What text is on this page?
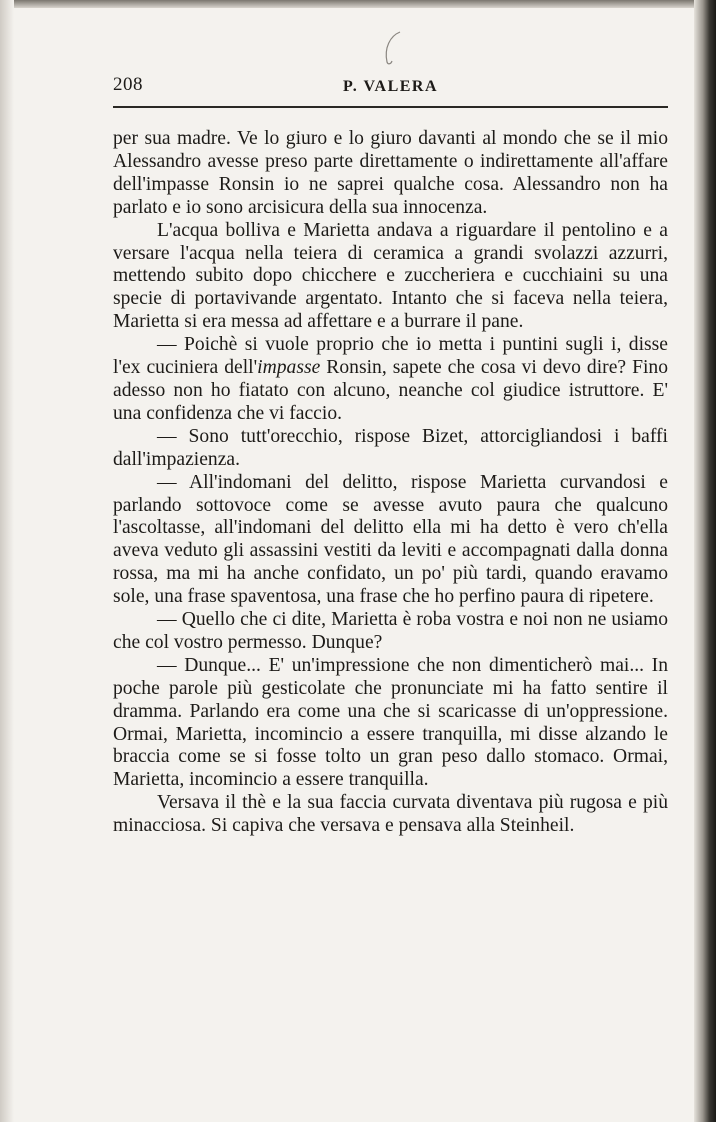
208	P. VALERA

per sua madre. Ve lo giuro e lo giuro davanti al mondo che se il mio Alessandro avesse preso parte direttamente o indirettamente all'affare dell'impasse Ronsin io ne saprei qualche cosa. Alessandro non ha parlato e io sono arcisicura della sua innocenza.

L'acqua bolliva e Marietta andava a riguardare il pentolino e a versare l'acqua nella teiera di ceramica a grandi svolazzi azzurri, mettendo subito dopo chicchere e zuccheriera e cucchiaini su una specie di portavivande argentato. Intanto che si faceva nella teiera, Marietta si era messa ad affettare e a burrare il pane.

— Poichè si vuole proprio che io metta i puntini sugli i, disse l'ex cuciniera dell'impasse Ronsin, sapete che cosa vi devo dire? Fino adesso non ho fiatato con alcuno, neanche col giudice istruttore. E' una confidenza che vi faccio.

— Sono tutt'orecchio, rispose Bizet, attorcigliandosi i baffi dall'impazienza.

— All'indomani del delitto, rispose Marietta curvandosi e parlando sottovoce come se avesse avuto paura che qualcuno l'ascoltasse, all'indomani del delitto ella mi ha detto è vero ch'ella aveva veduto gli assassini vestiti da leviti e accompagnati dalla donna rossa, ma mi ha anche confidato, un po' più tardi, quando eravamo sole, una frase spaventosa, una frase che ho perfino paura di ripetere.

— Quello che ci dite, Marietta è roba vostra e noi non ne usiamo che col vostro permesso. Dunque?

— Dunque... E' un'impressione che non dimenticherò mai... In poche parole più gesticolate che pronunciate mi ha fatto sentire il dramma. Parlando era come una che si scaricasse di un'oppressione. Ormai, Marietta, incomincio a essere tranquilla, mi disse alzando le braccia come se si fosse tolto un gran peso dallo stomaco. Ormai, Marietta, incomincio a essere tranquilla.

Versava il thè e la sua faccia curvata diventava più rugosa e più minacciosa. Si capiva che versava e pensava alla Steinheil.
